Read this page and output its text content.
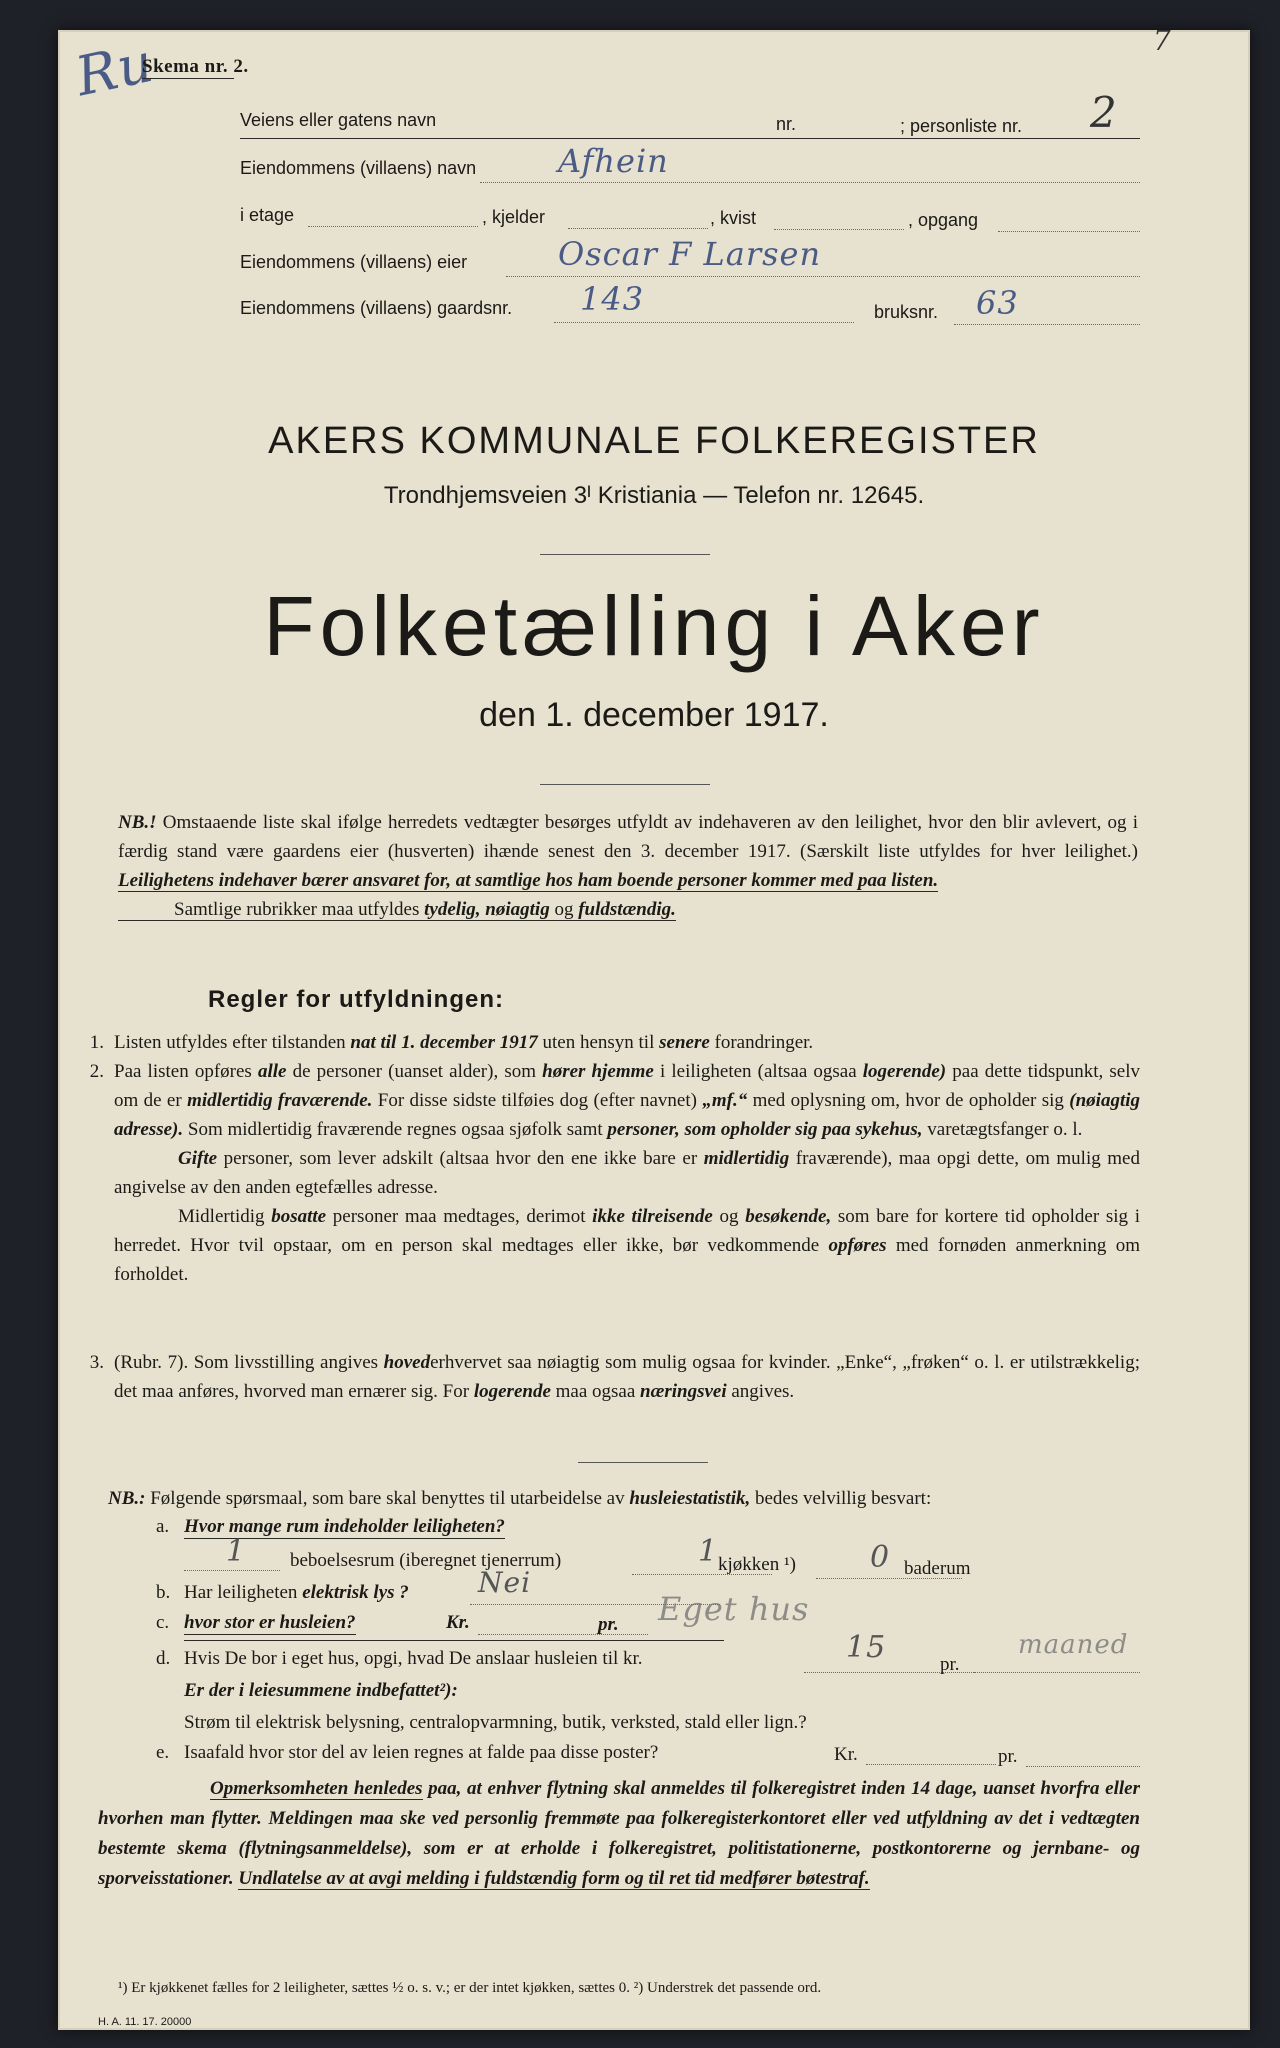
Ru	7
Skema nr. 2.
Veiens eller gatens navn	nr.	; personliste nr. 2
Eiendommens (villaens) navn	Afhein
i etage	, kjelder	, kvist	, opgang
Eiendommens (villaens) eier	Oscar F Larsen
Eiendommens (villaens) gaardsnr. 143	bruksnr. 63
AKERS KOMMUNALE FOLKEREGISTER
Trondhjemsveien 3ᴵ Kristiania — Telefon nr. 12645.
Folketælling i Aker
den 1. december 1917.
NB.! Omstaaende liste skal ifølge herredets vedtægter besørges utfyldt av indehaveren av den leilighet, hvor den blir avlevert, og i færdig stand være gaardens eier (husverten) ihænde senest den 3. december 1917. (Særskilt liste utfyldes for hver leilighet.) Leilighetens indehaver bærer ansvaret for, at samtlige hos ham boende personer kommer med paa listen.
Samtlige rubrikker maa utfyldes tydelig, nøiagtig og fuldstændig.
Regler for utfyldningen:
1. Listen utfyldes efter tilstanden nat til 1. december 1917 uten hensyn til senere forandringer.
2. Paa listen opføres alle de personer (uanset alder), som hører hjemme i leiligheten (altsaa ogsaa logerende) paa dette tidspunkt, selv om de er midlertidig fraværende. For disse sidste tilføies dog (efter navnet) „mf.“ med oplysning om, hvor de opholder sig (nøiagtig adresse). Som midlertidig fraværende regnes ogsaa sjøfolk samt personer, som opholder sig paa sykehus, varetægtsfanger o. l.
Gifte personer, som lever adskilt (altsaa hvor den ene ikke bare er midlertidig fraværende), maa opgi dette, om mulig med angivelse av den anden egtefælles adresse.
Midlertidig bosatte personer maa medtages, derimot ikke tilreisende og besøkende, som bare for kortere tid opholder sig i herredet. Hvor tvil opstaar, om en person skal medtages eller ikke, bør vedkommende opføres med fornøden anmerkning om forholdet.
3. (Rubr. 7). Som livsstilling angives hovederhvervet saa nøiagtig som mulig ogsaa for kvinder. „Enke“, „frøken“ o. l. er utilstrækkelig; det maa anføres, hvorved man ernærer sig. For logerende maa ogsaa næringsvei angives.
NB.: Følgende spørsmaal, som bare skal benyttes til utarbeidelse av husleiestatistik, bedes velvillig besvart:
a. Hvor mange rum indeholder leiligheten?
1 beboelsesrum (iberegnet tjenerrum)	1 kjøkken ¹) 0 baderum
b. Har leiligheten elektrisk lys ? Nei
c. hvor stor er husleien?	Kr.	pr. Eget hus
d. Hvis De bor i eget hus, opgi, hvad De anslaar husleien til kr.	15	pr.
maaned
Er der i leiesummene indbefattet²):
Strøm til elektrisk belysning, centralopvarmning, butik, verksted, stald eller lign.?
e. Isaafald hvor stor del av leien regnes at falde paa disse poster?	Kr.	pr.
Opmerksomheten henledes paa, at enhver flytning skal anmeldes til folkeregistret inden 14 dage, uanset hvorfra eller hvorhen man flytter. Meldingen maa ske ved personlig fremmøte paa folkeregisterkontoret eller ved utfyldning av det i vedtægten bestemte skema (flytningsanmeldelse), som er at erholde i folkeregistret, politistationerne, postkontorerne og jernbane- og sporveisstationer. Undlatelse av at avgi melding i fuldstændig form og til ret tid medfører bøtestraf.
¹) Er kjøkkenet fælles for 2 leiligheter, sættes ½ o. s. v.; er der intet kjøkken, sættes 0. ²) Understrek det passende ord.
H. A. 11. 17. 20000
